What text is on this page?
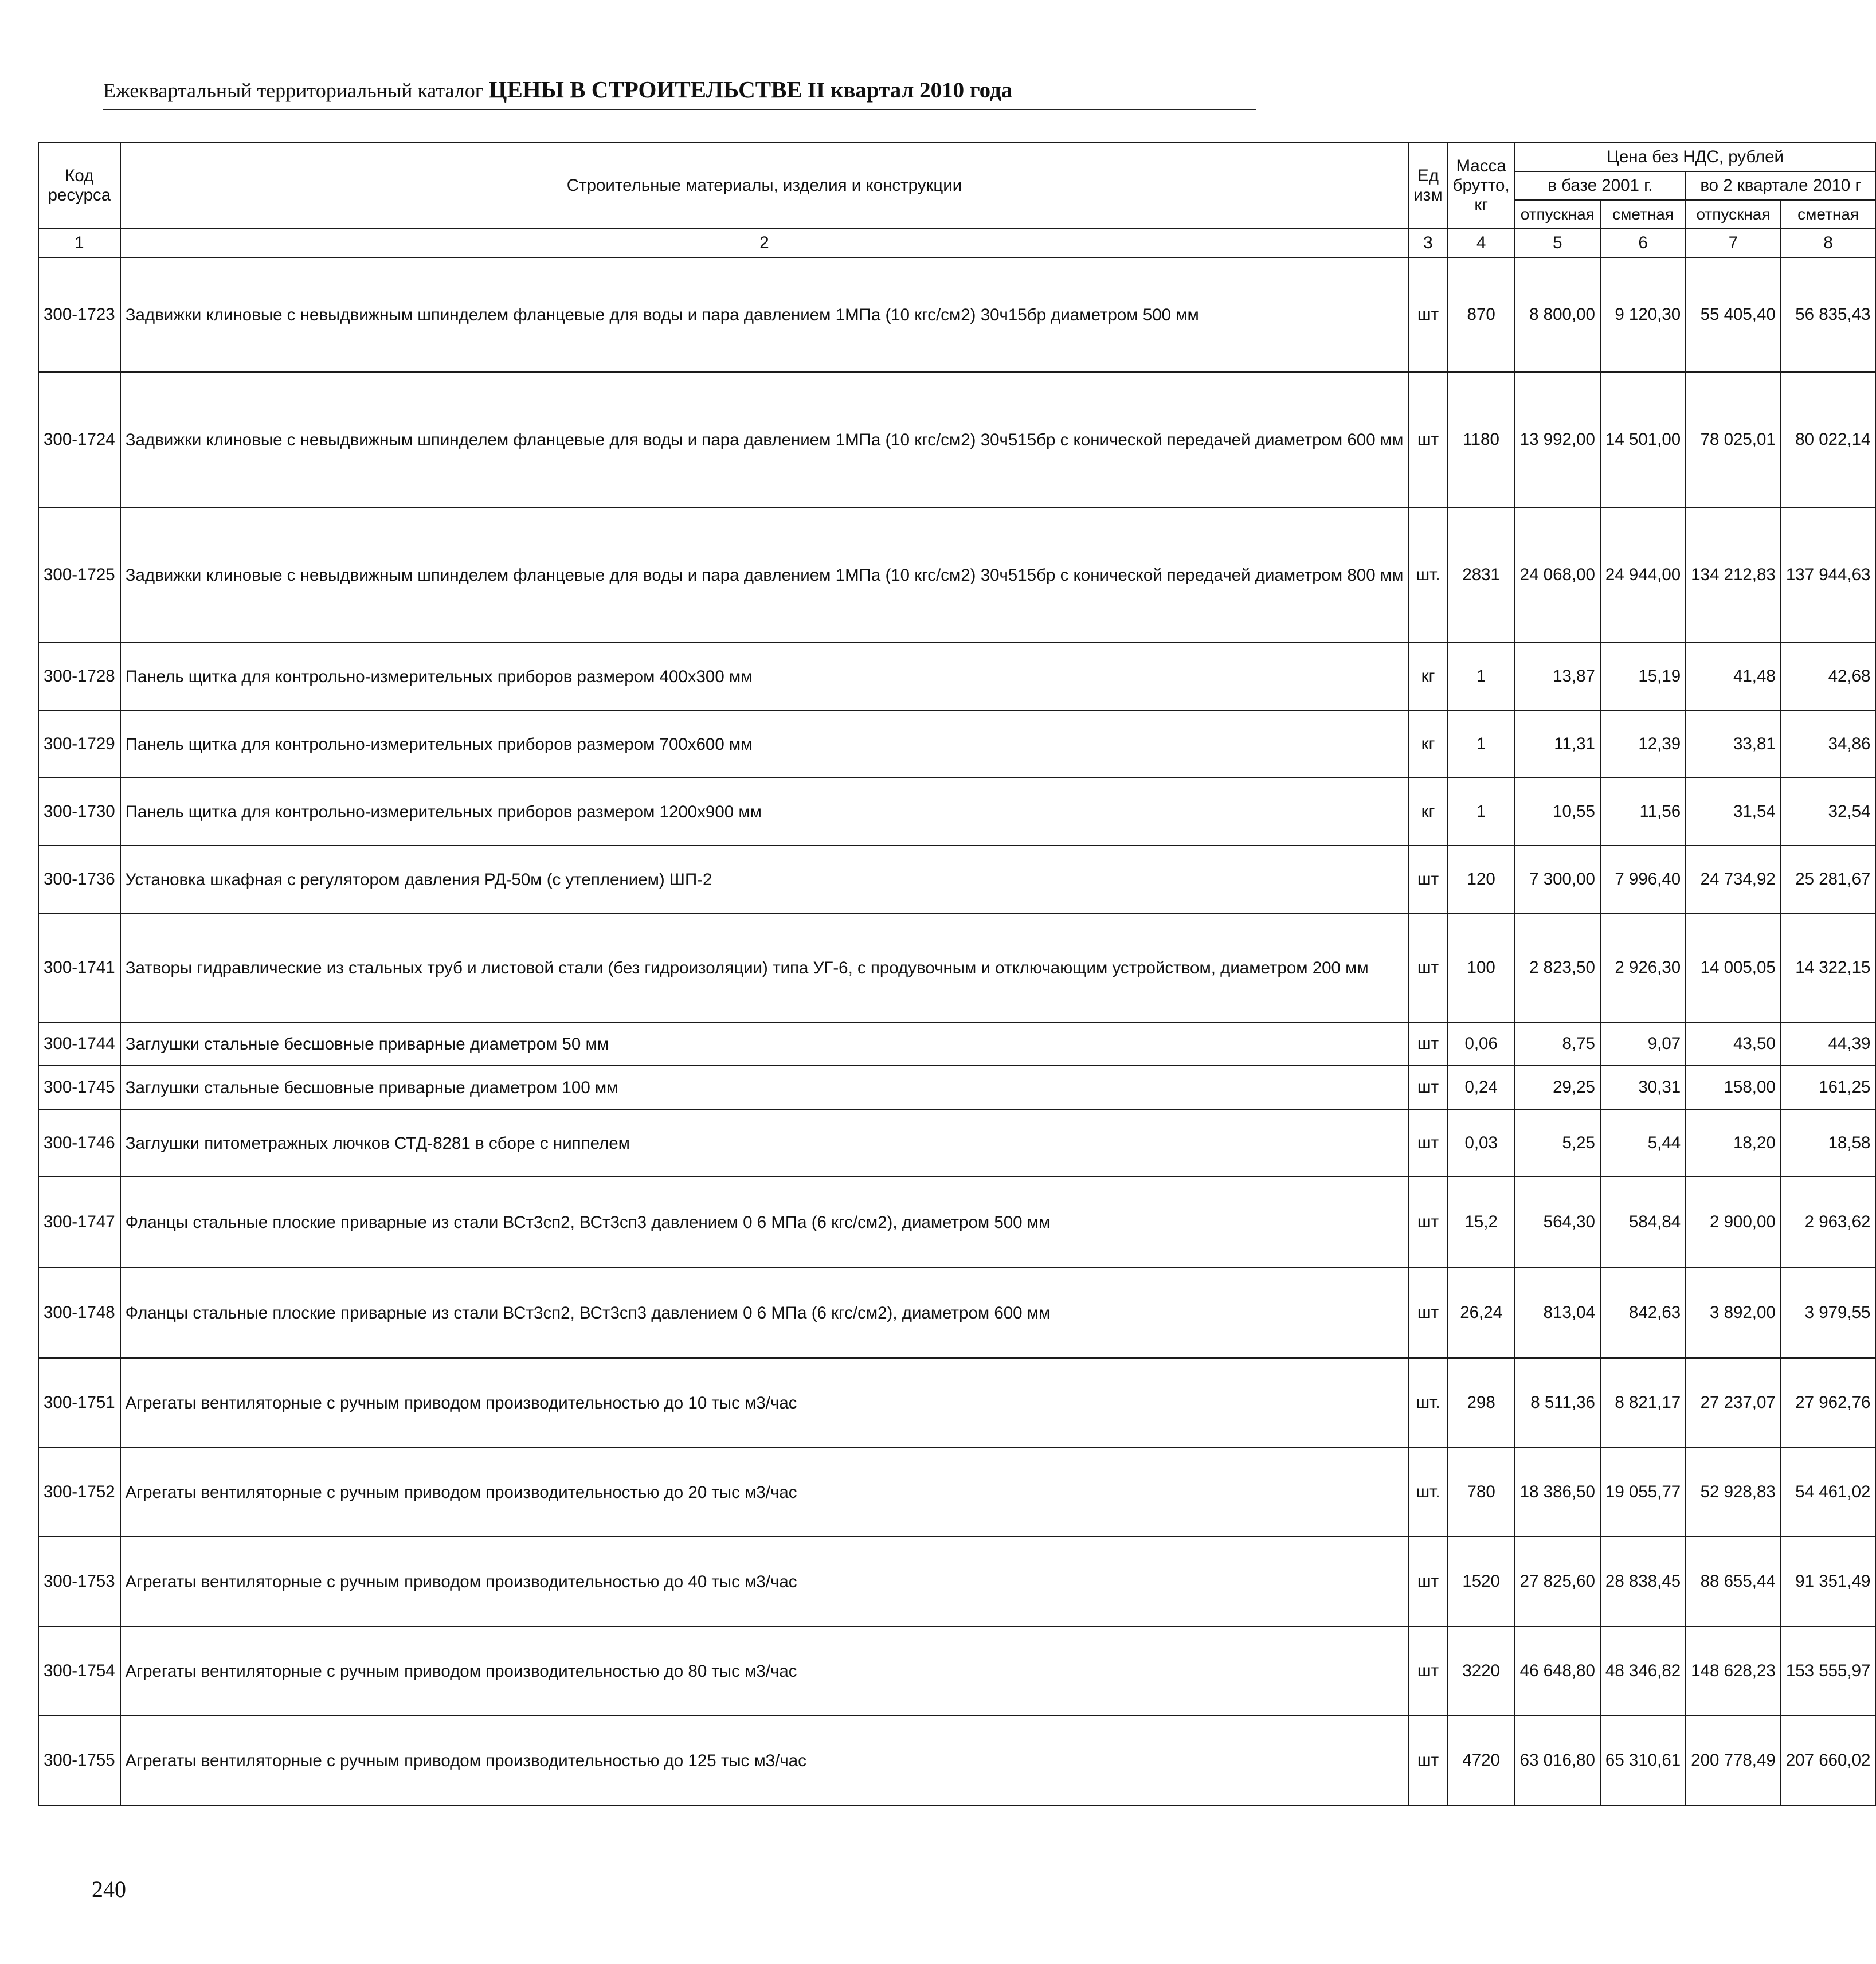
Ежеквартальный территориальный каталог ЦЕНЫ В СТРОИТЕЛЬСТВЕ II квартал 2010 года
Код ресурса	Строительные материалы, изделия и конструкции	Ед изм	Масса брутто, кг	Цена без НДС, рублей			
				в базе 2001 г.		во 2 квартале 2010 г	
				отпускная	сметная	отпускная	сметная
1	2	3	4	5	6	7	8
300-1723	Задвижки клиновые с невыдвижным шпинделем фланцевые для воды и пара давлением 1МПа (10 кгс/см2) 30ч15бр диаметром 500 мм	шт	870	8 800,00	9 120,30	55 405,40	56 835,43
300-1724	Задвижки клиновые с невыдвижным шпинделем фланцевые для воды и пара давлением 1МПа (10 кгс/см2) 30ч515бр с конической передачей диаметром 600 мм	шт	1180	13 992,00	14 501,00	78 025,01	80 022,14
300-1725	Задвижки клиновые с невыдвижным шпинделем фланцевые для воды и пара давлением 1МПа (10 кгс/см2) 30ч515бр с конической передачей диаметром 800 мм	шт.	2831	24 068,00	24 944,00	134 212,83	137 944,63
300-1728	Панель щитка для контрольно-измерительных приборов размером 400х300 мм	кг	1	13,87	15,19	41,48	42,68
300-1729	Панель щитка для контрольно-измерительных приборов размером 700х600 мм	кг	1	11,31	12,39	33,81	34,86
300-1730	Панель щитка для контрольно-измерительных приборов размером 1200х900 мм	кг	1	10,55	11,56	31,54	32,54
300-1736	Установка шкафная с регулятором давления РД-50м (с утеплением) ШП-2	шт	120	7 300,00	7 996,40	24 734,92	25 281,67
300-1741	Затворы гидравлические из стальных труб и листовой стали (без гидроизоляции) типа УГ-6, с продувочным и отключающим устройством, диаметром 200 мм	шт	100	2 823,50	2 926,30	14 005,05	14 322,15
300-1744	Заглушки стальные бесшовные приварные диаметром 50 мм	шт	0,06	8,75	9,07	43,50	44,39
300-1745	Заглушки стальные бесшовные приварные диаметром 100 мм	шт	0,24	29,25	30,31	158,00	161,25
300-1746	Заглушки питометражных лючков СТД-8281 в сборе с ниппелем	шт	0,03	5,25	5,44	18,20	18,58
300-1747	Фланцы стальные плоские приварные из стали ВСт3сп2, ВСт3сп3 давлением 0 6 МПа (6 кгс/см2), диаметром 500 мм	шт	15,2	564,30	584,84	2 900,00	2 963,62
300-1748	Фланцы стальные плоские приварные из стали ВСт3сп2, ВСт3сп3 давлением 0 6 МПа (6 кгс/см2), диаметром 600 мм	шт	26,24	813,04	842,63	3 892,00	3 979,55
300-1751	Агрегаты вентиляторные с ручным приводом производительностью до 10 тыс м3/час	шт.	298	8 511,36	8 821,17	27 237,07	27 962,76
300-1752	Агрегаты вентиляторные с ручным приводом производительностью до 20 тыс м3/час	шт.	780	18 386,50	19 055,77	52 928,83	54 461,02
300-1753	Агрегаты вентиляторные с ручным приводом производительностью до 40 тыс м3/час	шт	1520	27 825,60	28 838,45	88 655,44	91 351,49
300-1754	Агрегаты вентиляторные с ручным приводом производительностью до 80 тыс м3/час	шт	3220	46 648,80	48 346,82	148 628,23	153 555,97
300-1755	Агрегаты вентиляторные с ручным приводом производительностью до 125 тыс м3/час	шт	4720	63 016,80	65 310,61	200 778,49	207 660,02
240
